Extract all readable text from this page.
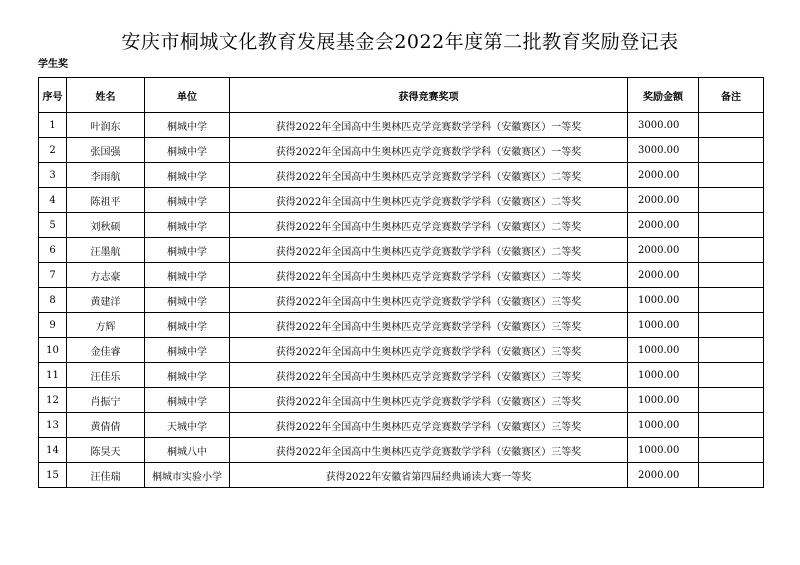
安庆市桐城文化教育发展基金会2022年度第二批教育奖励登记表
学生奖
序号	姓名	单位	获得竞赛奖项	奖励金额	备注
1	叶润东	桐城中学	获得2022年全国高中生奥林匹克学竞赛数学学科（安徽赛区）一等奖	3000.00	
2	张国强	桐城中学	获得2022年全国高中生奥林匹克学竞赛数学学科（安徽赛区）一等奖	3000.00	
3	李雨航	桐城中学	获得2022年全国高中生奥林匹克学竞赛数学学科（安徽赛区）二等奖	2000.00	
4	陈祖平	桐城中学	获得2022年全国高中生奥林匹克学竞赛数学学科（安徽赛区）二等奖	2000.00	
5	刘秋硕	桐城中学	获得2022年全国高中生奥林匹克学竞赛数学学科（安徽赛区）二等奖	2000.00	
6	汪墨航	桐城中学	获得2022年全国高中生奥林匹克学竞赛数学学科（安徽赛区）二等奖	2000.00	
7	方志豪	桐城中学	获得2022年全国高中生奥林匹克学竞赛数学学科（安徽赛区）二等奖	2000.00	
8	黄建洋	桐城中学	获得2022年全国高中生奥林匹克学竞赛数学学科（安徽赛区）三等奖	1000.00	
9	方辉	桐城中学	获得2022年全国高中生奥林匹克学竞赛数学学科（安徽赛区）三等奖	1000.00	
10	金佳睿	桐城中学	获得2022年全国高中生奥林匹克学竞赛数学学科（安徽赛区）三等奖	1000.00	
11	汪佳乐	桐城中学	获得2022年全国高中生奥林匹克学竞赛数学学科（安徽赛区）三等奖	1000.00	
12	肖振宁	桐城中学	获得2022年全国高中生奥林匹克学竞赛数学学科（安徽赛区）三等奖	1000.00	
13	黄倩倩	天城中学	获得2022年全国高中生奥林匹克学竞赛数学学科（安徽赛区）三等奖	1000.00	
14	陈昊天	桐城八中	获得2022年全国高中生奥林匹克学竞赛数学学科（安徽赛区）三等奖	1000.00	
15	汪佳瑞	桐城市实验小学	获得2022年安徽省第四届经典诵读大赛一等奖	2000.00	
